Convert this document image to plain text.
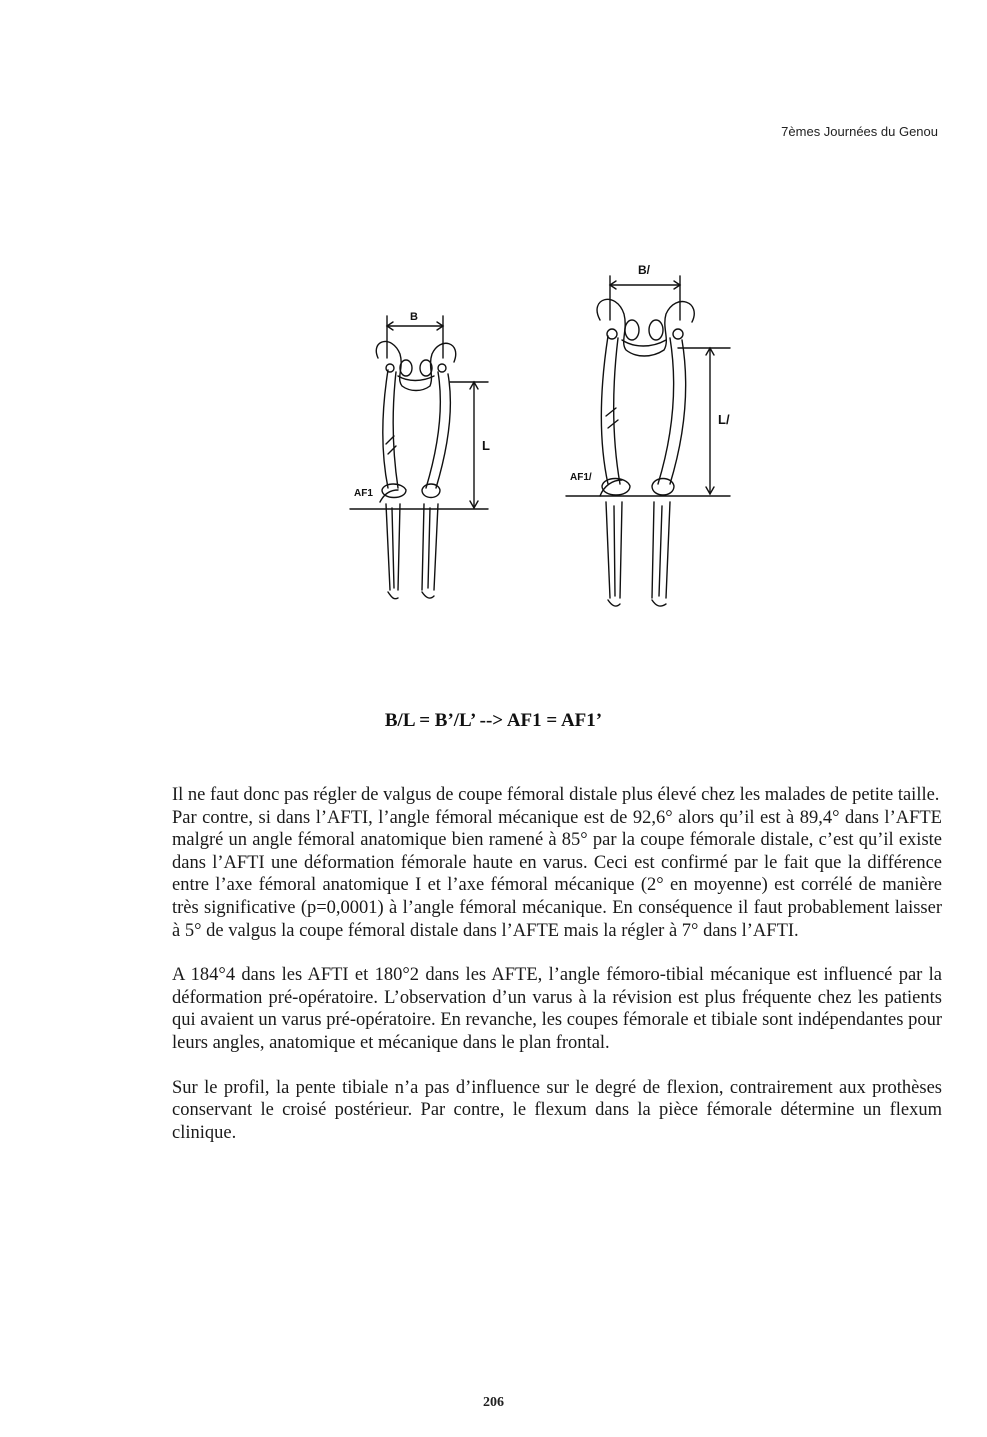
7èmes Journées du Genou
B
L
AF1
B/
L/
AF1/
B/L = B’/L’ --> AF1 = AF1’

Il ne faut donc pas régler de valgus de coupe fémoral distale plus élevé chez les malades de petite taille.

Par contre, si dans l’AFTI, l’angle fémoral mécanique est de 92,6° alors qu’il est à 89,4° dans l’AFTE malgré un angle fémoral anatomique bien ramené à 85° par la coupe fémorale distale, c’est qu’il existe dans l’AFTI une déformation fémorale haute en varus. Ceci est confirmé par le fait que la différence entre l’axe fémoral anatomique I et l’axe fémoral mécanique (2° en moyenne) est corrélé de manière très significative (p=0,0001) à l’angle fémoral mécanique. En conséquence il faut probablement laisser à 5° de valgus la coupe fémoral distale dans l’AFTE mais la régler à 7° dans l’AFTI.

A 184°4 dans les AFTI et 180°2 dans les AFTE, l’angle fémoro-tibial mécanique est influencé par la déformation pré-opératoire. L’observation d’un varus à la révision est plus fréquente chez les patients qui avaient un varus pré-opératoire. En revanche, les coupes fémorale et tibiale sont indépendantes pour leurs angles, anatomique et mécanique dans le plan frontal.

Sur le profil, la pente tibiale n’a pas d’influence sur le degré de flexion, contrairement aux prothèses conservant le croisé postérieur. Par contre, le flexum dans la pièce fémorale détermine un flexum clinique.

206
